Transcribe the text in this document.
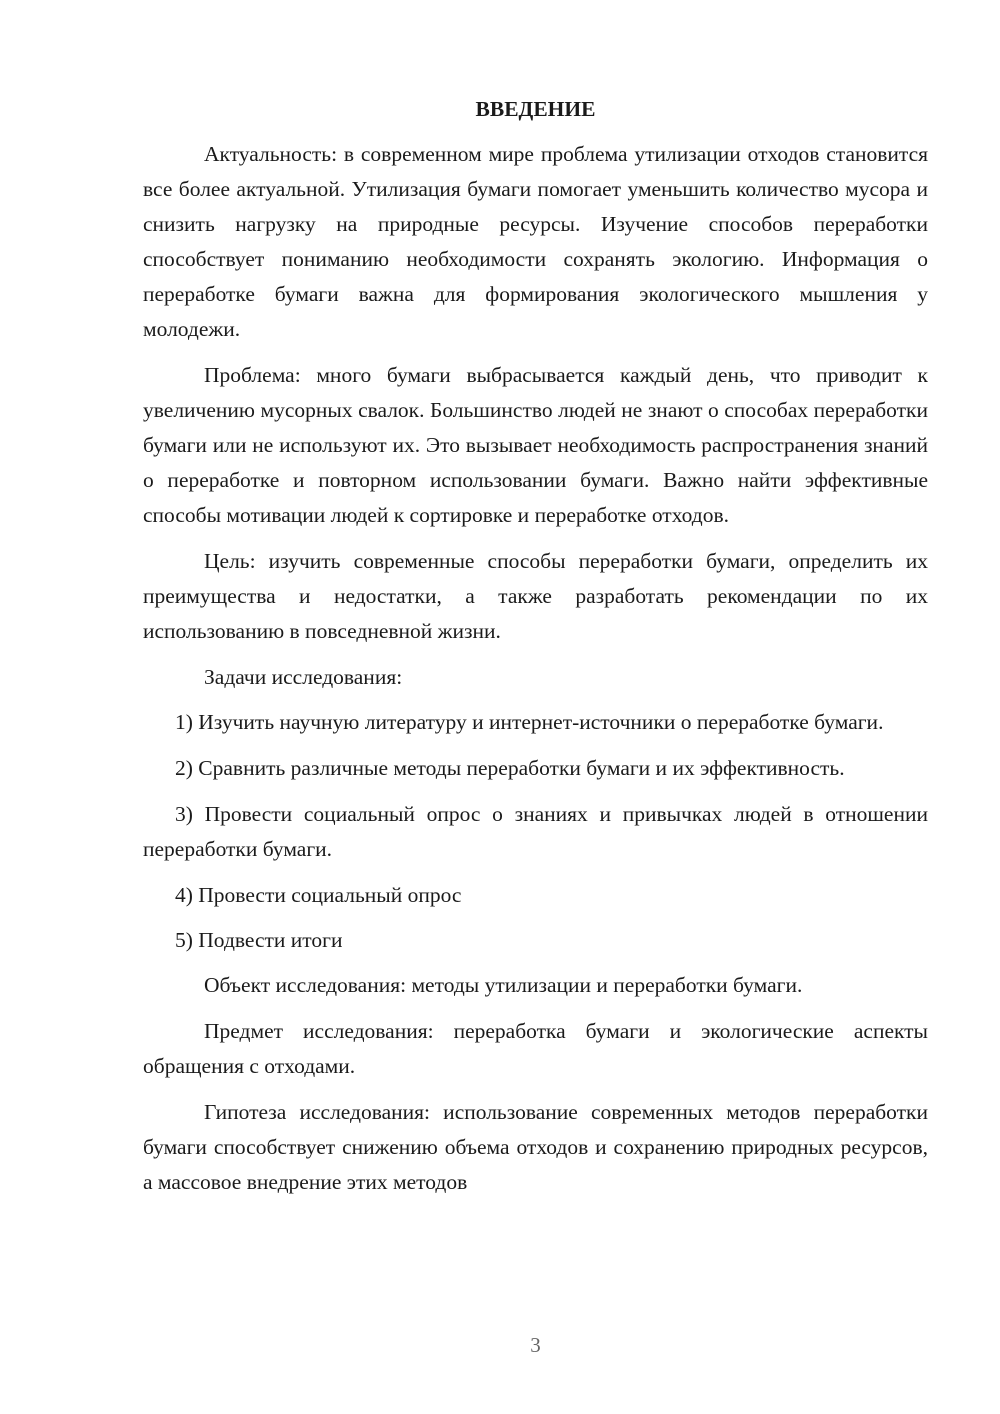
ВВЕДЕНИЕ

Актуальность: в современном мире проблема утилизации отходов становится все более актуальной. Утилизация бумаги помогает уменьшить количество мусора и снизить нагрузку на природные ресурсы. Изучение способов переработки способствует пониманию необходимости сохранять экологию. Информация о переработке бумаги важна для формирования экологического мышления у молодежи.

Проблема: много бумаги выбрасывается каждый день, что приводит к увеличению мусорных свалок. Большинство людей не знают о способах переработки бумаги или не используют их. Это вызывает необходимость распространения знаний о переработке и повторном использовании бумаги. Важно найти эффективные способы мотивации людей к сортировке и переработке отходов.

Цель: изучить современные способы переработки бумаги, определить их преимущества и недостатки, а также разработать рекомендации по их использованию в повседневной жизни.

Задачи исследования:

1) Изучить научную литературу и интернет-источники о переработке бумаги.

2) Сравнить различные методы переработки бумаги и их эффективность.

3) Провести социальный опрос о знаниях и привычках людей в отношении переработки бумаги.

4) Провести социальный опрос

5) Подвести итоги

Объект исследования: методы утилизации и переработки бумаги.

Предмет исследования: переработка бумаги и экологические аспекты обращения с отходами.

Гипотеза исследования: использование современных методов переработки бумаги способствует снижению объема отходов и сохранению природных ресурсов, а массовое внедрение этих методов

3
